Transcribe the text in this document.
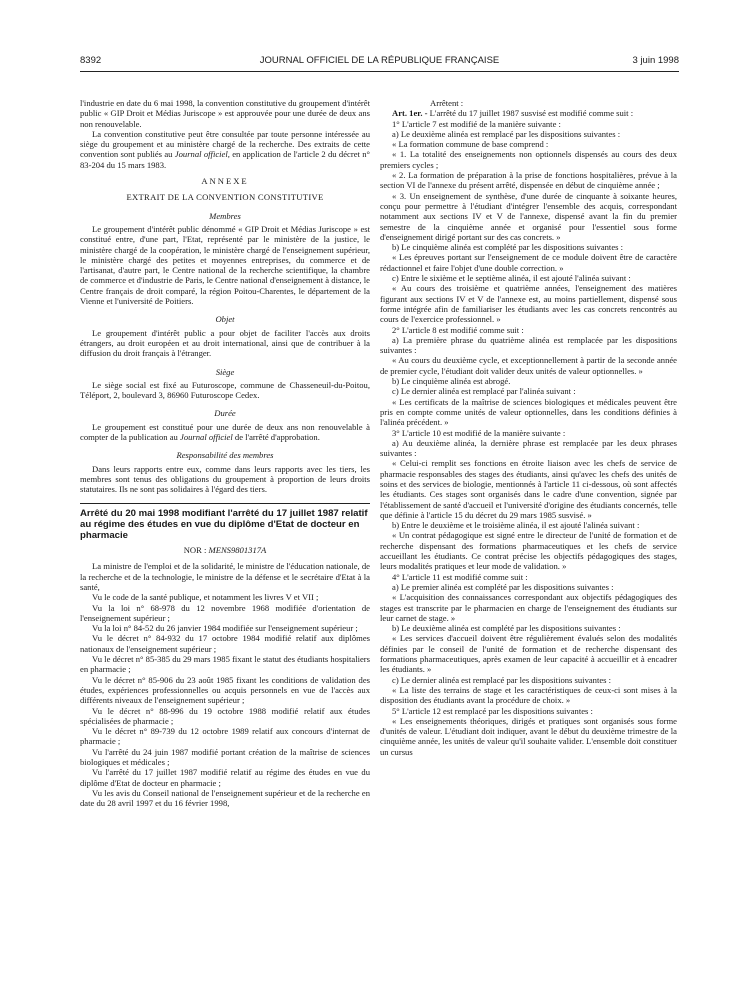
8392	JOURNAL OFFICIEL DE LA RÉPUBLIQUE FRANÇAISE	3 juin 1998

l'industrie en date du 6 mai 1998, la convention constitutive du groupement d'intérêt public « GIP Droit et Médias Juriscope » est approuvée pour une durée de deux ans non renouvelable.

La convention constitutive peut être consultée par toute personne intéressée au siège du groupement et au ministère chargé de la recherche. Des extraits de cette convention sont publiés au Journal officiel, en application de l'article 2 du décret n° 83-204 du 15 mars 1983.

ANNEXE

EXTRAIT DE LA CONVENTION CONSTITUTIVE

Membres

Le groupement d'intérêt public dénommé « GIP Droit et Médias Juriscope » est constitué entre, d'une part, l'Etat, représenté par le ministère de la justice, le ministère chargé de la coopération, le ministère chargé de l'enseignement supérieur, le ministère chargé des petites et moyennes entreprises, du commerce et de l'artisanat, d'autre part, le Centre national de la recherche scientifique, la chambre de commerce et d'industrie de Paris, le Centre national d'enseignement à distance, le Centre français de droit comparé, la région Poitou-Charentes, le département de la Vienne et l'université de Poitiers.

Objet

Le groupement d'intérêt public a pour objet de faciliter l'accès aux droits étrangers, au droit européen et au droit international, ainsi que de contribuer à la diffusion du droit français à l'étranger.

Siège

Le siège social est fixé au Futuroscope, commune de Chasseneuil-du-Poitou, Téléport, 2, boulevard 3, 86960 Futuroscope Cedex.

Durée

Le groupement est constitué pour une durée de deux ans non renouvelable à compter de la publication au Journal officiel de l'arrêté d'approbation.

Responsabilité des membres

Dans leurs rapports entre eux, comme dans leurs rapports avec les tiers, les membres sont tenus des obligations du groupement à proportion de leurs droits statutaires. Ils ne sont pas solidaires à l'égard des tiers.

Arrêté du 20 mai 1998 modifiant l'arrêté du 17 juillet 1987 relatif au régime des études en vue du diplôme d'Etat de docteur en pharmacie

NOR : MENS9801317A

La ministre de l'emploi et de la solidarité, le ministre de l'éducation nationale, de la recherche et de la technologie, le ministre de la défense et le secrétaire d'Etat à la santé,

Vu le code de la santé publique, et notamment les livres V et VII ;

Vu la loi n° 68-978 du 12 novembre 1968 modifiée d'orientation de l'enseignement supérieur ;

Vu la loi n° 84-52 du 26 janvier 1984 modifiée sur l'enseignement supérieur ;

Vu le décret n° 84-932 du 17 octobre 1984 modifié relatif aux diplômes nationaux de l'enseignement supérieur ;

Vu le décret n° 85-385 du 29 mars 1985 fixant le statut des étudiants hospitaliers en pharmacie ;

Vu le décret n° 85-906 du 23 août 1985 fixant les conditions de validation des études, expériences professionnelles ou acquis personnels en vue de l'accès aux différents niveaux de l'enseignement supérieur ;

Vu le décret n° 88-996 du 19 octobre 1988 modifié relatif aux études spécialisées de pharmacie ;

Vu le décret n° 89-739 du 12 octobre 1989 relatif aux concours d'internat de pharmacie ;

Vu l'arrêté du 24 juin 1987 modifié portant création de la maîtrise de sciences biologiques et médicales ;

Vu l'arrêté du 17 juillet 1987 modifié relatif au régime des études en vue du diplôme d'Etat de docteur en pharmacie ;

Vu les avis du Conseil national de l'enseignement supérieur et de la recherche en date du 28 avril 1997 et du 16 février 1998,

Arrêtent :

Art. 1er. - L'arrêté du 17 juillet 1987 susvisé est modifié comme suit :

1° L'article 7 est modifié de la manière suivante :

a) Le deuxième alinéa est remplacé par les dispositions suivantes :

« La formation commune de base comprend :

« 1. La totalité des enseignements non optionnels dispensés au cours des deux premiers cycles ;

« 2. La formation de préparation à la prise de fonctions hospitalières, prévue à la section VI de l'annexe du présent arrêté, dispensée en début de cinquième année ;

« 3. Un enseignement de synthèse, d'une durée de cinquante à soixante heures, conçu pour permettre à l'étudiant d'intégrer l'ensemble des acquis, correspondant notamment aux sections IV et V de l'annexe, dispensé avant la fin du premier semestre de la cinquième année et organisé pour l'essentiel sous forme d'enseignement dirigé portant sur des cas concrets. »

b) Le cinquième alinéa est complété par les dispositions suivantes :

« Les épreuves portant sur l'enseignement de ce module doivent être de caractère rédactionnel et faire l'objet d'une double correction. »

c) Entre le sixième et le septième alinéa, il est ajouté l'alinéa suivant :

« Au cours des troisième et quatrième années, l'enseignement des matières figurant aux sections IV et V de l'annexe est, au moins partiellement, dispensé sous forme intégrée afin de familiariser les étudiants avec les cas concrets rencontrés au cours de l'exercice professionnel. »

2° L'article 8 est modifié comme suit :

a) La première phrase du quatrième alinéa est remplacée par les dispositions suivantes :

« Au cours du deuxième cycle, et exceptionnellement à partir de la seconde année de premier cycle, l'étudiant doit valider deux unités de valeur optionnelles. »

b) Le cinquième alinéa est abrogé.

c) Le dernier alinéa est remplacé par l'alinéa suivant :

« Les certificats de la maîtrise de sciences biologiques et médicales peuvent être pris en compte comme unités de valeur optionnelles, dans les conditions définies à l'alinéa précédent. »

3° L'article 10 est modifié de la manière suivante :

a) Au deuxième alinéa, la dernière phrase est remplacée par les deux phrases suivantes :

« Celui-ci remplit ses fonctions en étroite liaison avec les chefs de service de pharmacie responsables des stages des étudiants, ainsi qu'avec les chefs des unités de soins et des services de biologie, mentionnés à l'article 11 ci-dessous, où sont affectés les étudiants. Ces stages sont organisés dans le cadre d'une convention, signée par l'établissement de santé d'accueil et l'université d'origine des étudiants concernés, telle que définie à l'article 15 du décret du 29 mars 1985 susvisé. »

b) Entre le deuxième et le troisième alinéa, il est ajouté l'alinéa suivant :

« Un contrat pédagogique est signé entre le directeur de l'unité de formation et de recherche dispensant des formations pharmaceutiques et les chefs de service accueillant les étudiants. Ce contrat précise les objectifs pédagogiques des stages, leurs modalités pratiques et leur mode de validation. »

4° L'article 11 est modifié comme suit :

a) Le premier alinéa est complété par les dispositions suivantes :

« L'acquisition des connaissances correspondant aux objectifs pédagogiques des stages est transcrite par le pharmacien en charge de l'enseignement des étudiants sur leur carnet de stage. »

b) Le deuxième alinéa est complété par les dispositions suivantes :

« Les services d'accueil doivent être régulièrement évalués selon des modalités définies par le conseil de l'unité de formation et de recherche dispensant des formations pharmaceutiques, après examen de leur capacité à accueillir et à encadrer les étudiants. »

c) Le dernier alinéa est remplacé par les dispositions suivantes :

« La liste des terrains de stage et les caractéristiques de ceux-ci sont mises à la disposition des étudiants avant la procédure de choix. »

5° L'article 12 est remplacé par les dispositions suivantes :

« Les enseignements théoriques, dirigés et pratiques sont organisés sous forme d'unités de valeur. L'étudiant doit indiquer, avant le début du deuxième trimestre de la cinquième année, les unités de valeur qu'il souhaite valider. L'ensemble doit constituer un cursus
